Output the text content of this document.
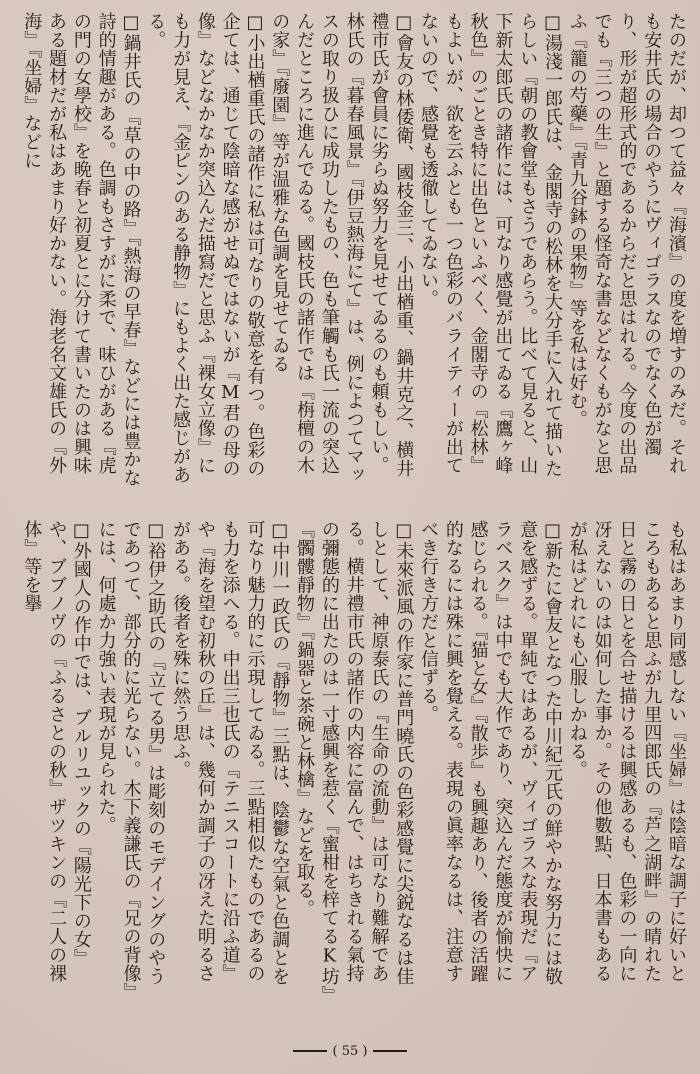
たのだが、却つて益々『海濱』の度を増すのみだ。それも安井氏の場合のやうにヴィゴラスなのでなく色が濁り、形が超形式的であるからだと思はれる。今度の出品でも『三つの生』と題する怪奇な書などなくもがなと思ふ『籠の芍藥』『青九谷鉢の果物』等を私は好む。

□湯淺一郎氏は、金閣寺の松林を大分手に入れて描いたらしい『朝の教會堂もさうであらう。比べて見ると、山下新太郎氏の諸作には、可なり感覺が出てゐる『鷹ヶ峰秋色』のごとき特に出色といふべく、金閣寺の『松林』もよいが、欲を云ふとも一つ色彩のバライティーが出てないので、感覺も透徹してゐない。

□會友の林倭衛、國枝金三、小出楢重、鍋井克之、横井禮市氏が會員に劣らぬ努力を見せてゐるのも頼もしい。林氏の『暮春風景』『伊豆熱海にて』は、例によつてマッスの取り扱ひに成功したもの、色も筆觸も氏一流の突込んだところに進んでゐる。國枝氏の諸作では『栴檀の木の家』『廢園』等が温雅な色調を見せてゐる

□小出楢重氏の諸作に私は可なりの敬意を有つ。色彩の企ては、通じて陰暗な感がせぬではないが『M君の母の像』などなかなか突込んだ描寫だと思ふ『裸女立像』にも力が見え、『金ピンのある静物』にもよく出た感じがある。

□鍋井氏の『草の中の路』『熱海の早春』などには豊かな詩的情趣がある。色調もさすがに柔で、味ひがある『虎の門の女學校』を晩春と初夏とに分けて書いたのは興味ある題材だが私はあまり好かない。海老名文雄氏の『外海』『坐婦』などに

も私はあまり同感しない『坐婦』は陰暗な調子に好いところもあると思ふが九里四郎氏の『芦之湖畔』の晴れた日と霧の日とを合せ描けるは興感あるも、色彩の一向に冴えないのは如何した事か。その他數點、日本書もあるが私はどれにも心服しかねる。

□新たに會友となつた中川紀元氏の鮮やかな努力には敬意を感ずる。單純ではあるが、ヴィゴラスな表現だ『アラベスク』は中でも大作であり、突込んだ態度が愉快に感じられる。『猫と女』『散歩』も興趣あり、後者の活躍的なるには殊に興を覺える。表現の眞率なるは、注意すべき行き方だと信ずる。

□未來派風の作家に普門曉氏の色彩感覺に尖鋭なるは佳しとして、神原泰氏の『生命の流動』は可なり難解である。横井禮市氏の諸作の内容に富んで、はちきれる氣持の彌態的に出たのは一寸感興を惹く『蜜柑を梓てるK坊』『髑髏靜物』『鍋器と茶碗と林檎』などを取る。

□中川一政氏の『靜物』三點は、陰鬱な空氣と色調とを可なり魅力的に示現してゐる。三點相似たものであるのも力を添へる。中出三也氏の『テニスコートに沿ふ道』や『海を望む初秋の丘』は、幾何か調子の冴えた明るさがある。後者を殊に然う思ふ。

□裕伊之助氏の『立てる男』は彫刻のモデイングのやうであつて、部分的に光らない。木下義謙氏の『兄の背像』には、何處か力強い表現が見られた。

□外國人の作中では、ブルリユックの『陽光下の女』や、ブブノヴの『ふるさとの秋』ザツキンの『二人の裸体』等を擧

( 55 )
